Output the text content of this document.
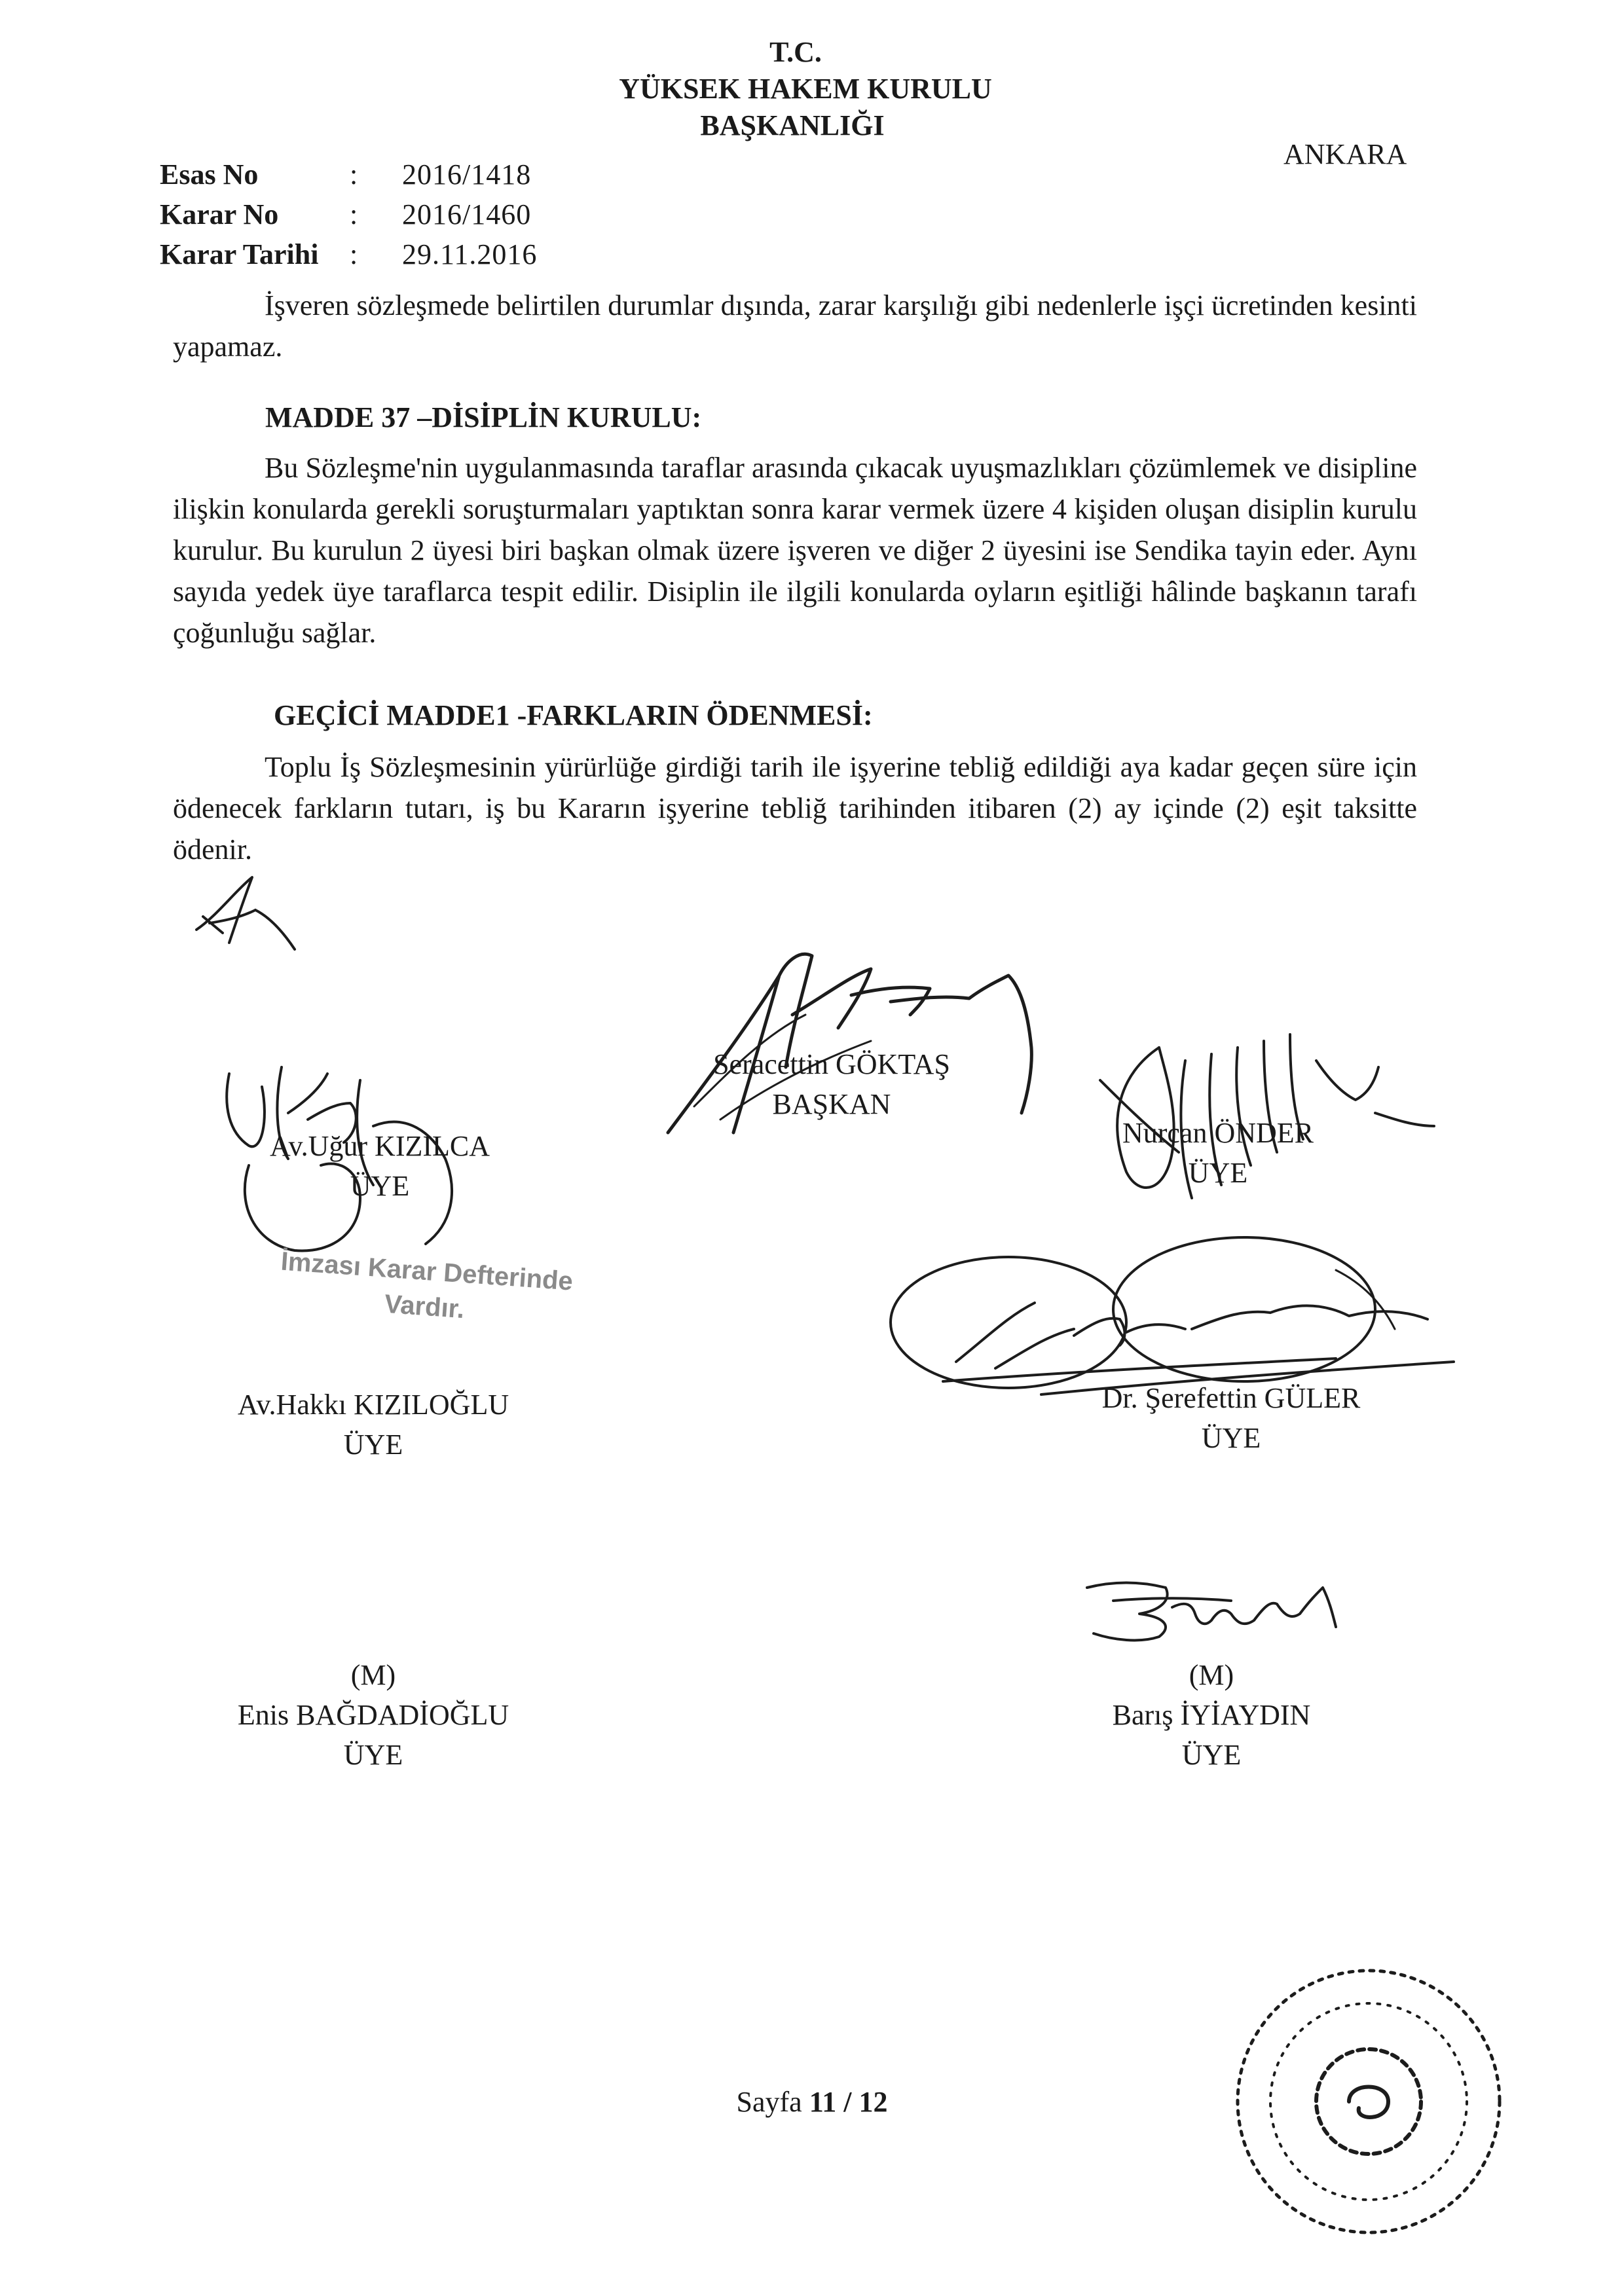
T.C.
YÜKSEK HAKEM KURULU
BAŞKANLIĞI
ANKARA
Esas No	:	2016/1418
Karar No	:	2016/1460
Karar Tarihi	:	29.11.2016

İşveren sözleşmede belirtilen durumlar dışında, zarar karşılığı gibi nedenlerle işçi ücretinden kesinti yapamaz.

MADDE 37 –DİSİPLİN KURULU:

Bu Sözleşme'nin uygulanmasında taraflar arasında çıkacak uyuşmazlıkları çözümlemek ve disipline ilişkin konularda gerekli soruşturmaları yaptıktan sonra karar vermek üzere 4 kişiden oluşan disiplin kurulu kurulur. Bu kurulun 2 üyesi biri başkan olmak üzere işveren ve diğer 2 üyesini ise Sendika tayin eder. Aynı sayıda yedek üye taraflarca tespit edilir. Disiplin ile ilgili konularda oyların eşitliği hâlinde başkanın tarafı çoğunluğu sağlar.

GEÇİCİ MADDE1 -FARKLARIN ÖDENMESİ:

Toplu İş Sözleşmesinin yürürlüğe girdiği tarih ile işyerine tebliğ edildiği aya kadar geçen süre için ödenecek farkların tutarı, iş bu Kararın işyerine tebliğ tarihinden itibaren (2) ay içinde (2) eşit taksitte ödenir.

Seracettin GÖKTAŞ
BAŞKAN
Av.Uğur KIZILCA
ÜYE
Nurcan ÖNDER
ÜYE
İmzası Karar Defterinde
Vardır.
Av.Hakkı KIZILOĞLU
ÜYE
Dr. Şerefettin GÜLER
ÜYE
(M)
Enis BAĞDADİOĞLU
ÜYE
(M)
Barış İYİAYDIN
ÜYE
Sayfa 11 / 12
